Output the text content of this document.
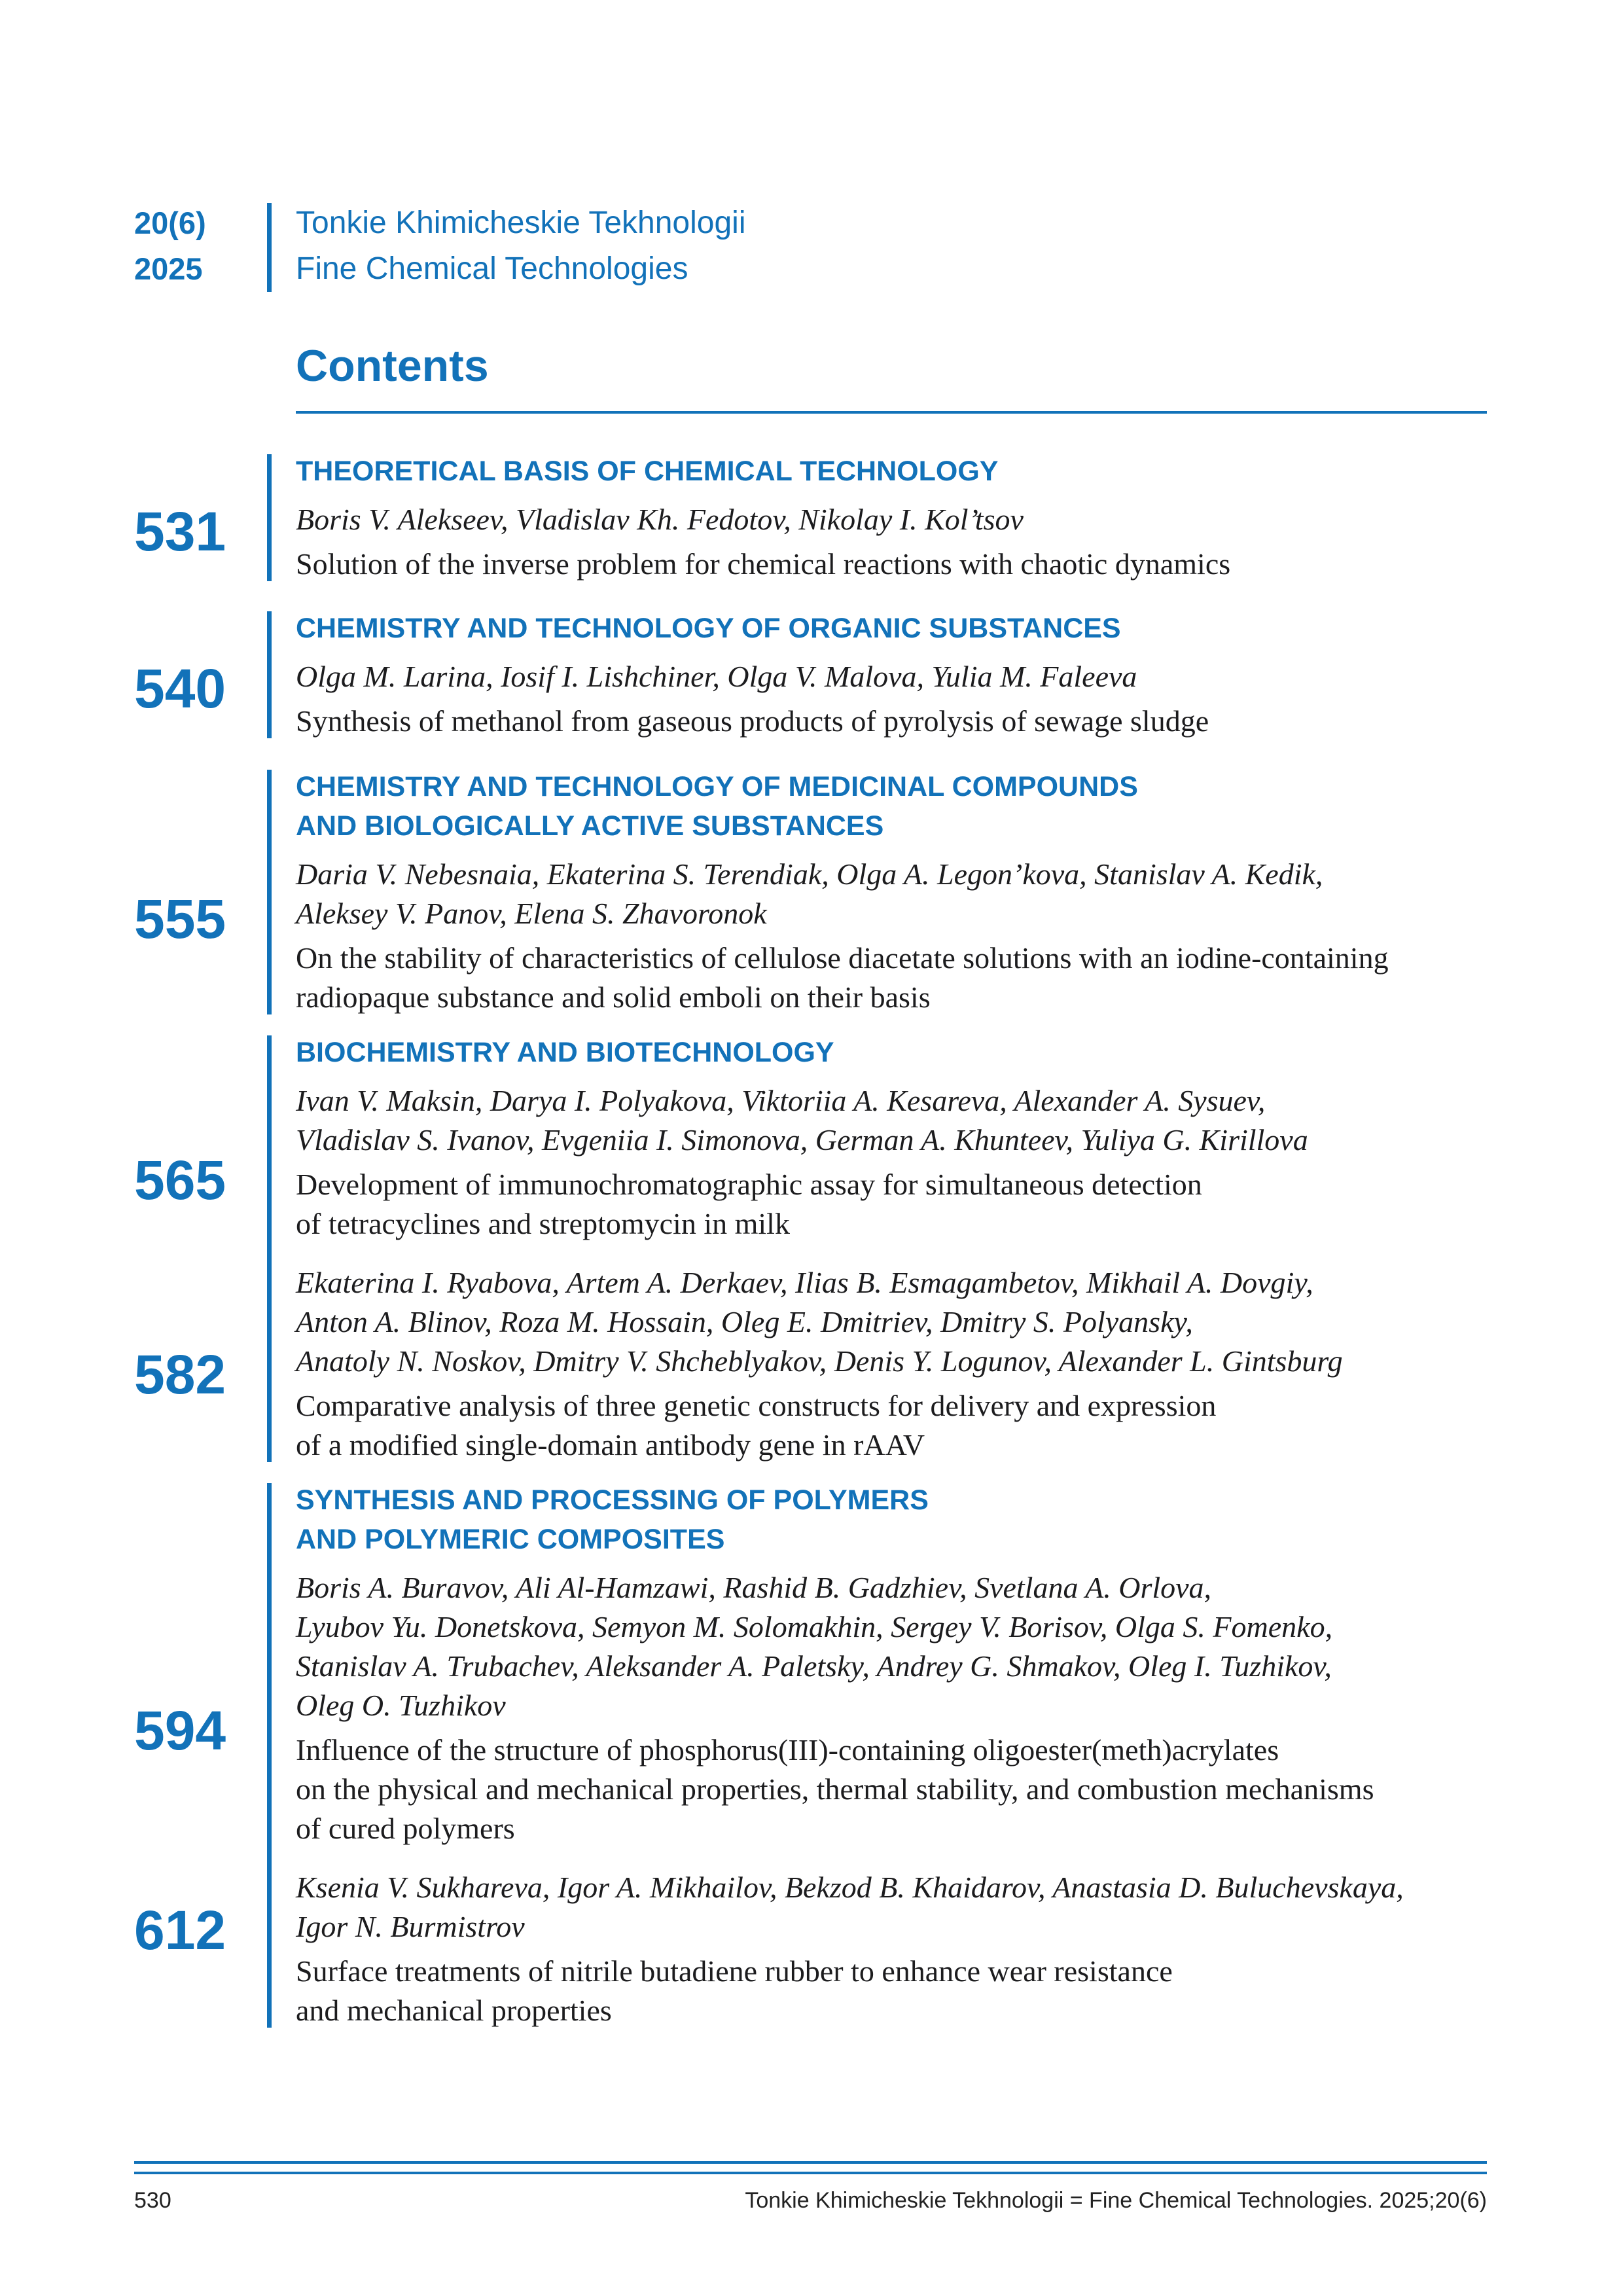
20(6)
2025
Tonkie Khimicheskie Tekhnologii
Fine Chemical Technologies
Contents
531
THEORETICAL BASIS OF CHEMICAL TECHNOLOGY
Boris V. Alekseev, Vladislav Kh. Fedotov, Nikolay I. Kol’tsov
Solution of the inverse problem for chemical reactions with chaotic dynamics
540
CHEMISTRY AND TECHNOLOGY OF ORGANIC SUBSTANCES
Olga M. Larina, Iosif I. Lishchiner, Olga V. Malova, Yulia M. Faleeva
Synthesis of methanol from gaseous products of pyrolysis of sewage sludge
555
CHEMISTRY AND TECHNOLOGY OF MEDICINAL COMPOUNDS
AND BIOLOGICALLY ACTIVE SUBSTANCES
Daria V. Nebesnaia, Ekaterina S. Terendiak, Olga A. Legon’kova, Stanislav A. Kedik,
Aleksey V. Panov, Elena S. Zhavoronok
On the stability of characteristics of cellulose diacetate solutions with an iodine-containing
radiopaque substance and solid emboli on their basis
565
582
BIOCHEMISTRY AND BIOTECHNOLOGY
Ivan V. Maksin, Darya I. Polyakova, Viktoriia A. Kesareva, Alexander A. Sysuev,
Vladislav S. Ivanov, Evgeniia I. Simonova, German A. Khunteev, Yuliya G. Kirillova
Development of immunochromatographic assay for simultaneous detection
of tetracyclines and streptomycin in milk
Ekaterina I. Ryabova, Artem A. Derkaev, Ilias B. Esmagambetov, Mikhail A. Dovgiy,
Anton A. Blinov, Roza M. Hossain, Oleg E. Dmitriev, Dmitry S. Polyansky,
Anatoly N. Noskov, Dmitry V. Shcheblyakov, Denis Y. Logunov, Alexander L. Gintsburg
Comparative analysis of three genetic constructs for delivery and expression
of a modified single-domain antibody gene in rAAV
594
612
SYNTHESIS AND PROCESSING OF POLYMERS
AND POLYMERIC COMPOSITES
Boris A. Buravov, Ali Al-Hamzawi, Rashid B. Gadzhiev, Svetlana A. Orlova,
Lyubov Yu. Donetskova, Semyon M. Solomakhin, Sergey V. Borisov, Olga S. Fomenko,
Stanislav A. Trubachev, Aleksander A. Paletsky, Andrey G. Shmakov, Oleg I. Tuzhikov,
Oleg O. Tuzhikov
Influence of the structure of phosphorus(III)-containing oligoester(meth)acrylates
on the physical and mechanical properties, thermal stability, and combustion mechanisms
of cured polymers
Ksenia V. Sukhareva, Igor A. Mikhailov, Bekzod B. Khaidarov, Anastasia D. Buluchevskaya,
Igor N. Burmistrov
Surface treatments of nitrile butadiene rubber to enhance wear resistance
and mechanical properties
530	Tonkie Khimicheskie Tekhnologii = Fine Chemical Technologies. 2025;20(6)
